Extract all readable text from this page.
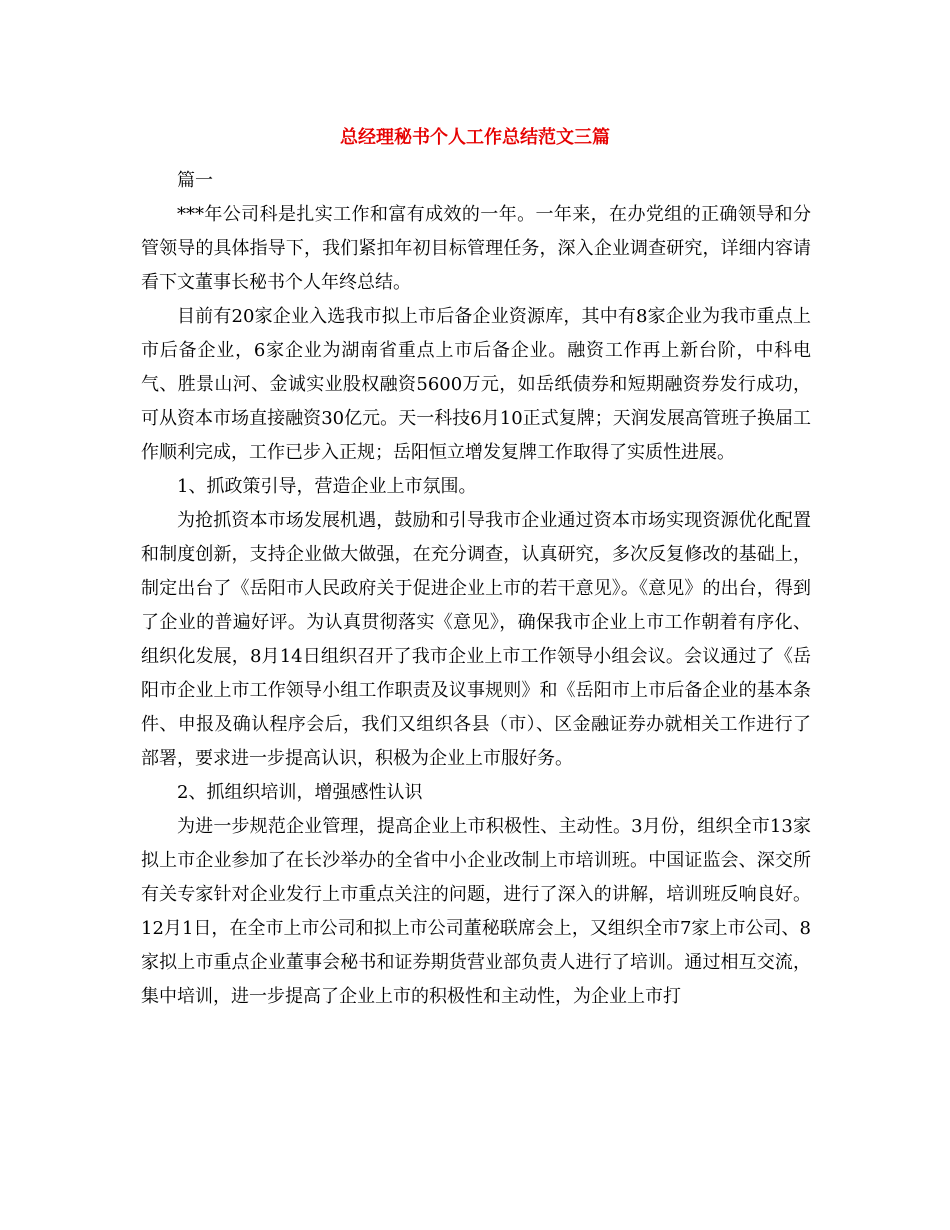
总经理秘书个人工作总结范文三篇

篇一

***年公司科是扎实工作和富有成效的一年。一年来，在办党组的正确领导和分管领导的具体指导下，我们紧扣年初目标管理任务，深入企业调查研究，详细内容请看下文董事长秘书个人年终总结。

目前有20家企业入选我市拟上市后备企业资源库，其中有8家企业为我市重点上市后备企业，6家企业为湖南省重点上市后备企业。融资工作再上新台阶，中科电气、胜景山河、金诚实业股权融资5600万元，如岳纸债券和短期融资券发行成功，可从资本市场直接融资30亿元。天一科技6月10正式复牌；天润发展高管班子换届工作顺利完成，工作已步入正规；岳阳恒立增发复牌工作取得了实质性进展。

1、抓政策引导，营造企业上市氛围。

为抢抓资本市场发展机遇，鼓励和引导我市企业通过资本市场实现资源优化配置和制度创新，支持企业做大做强，在充分调查，认真研究，多次反复修改的基础上，制定出台了《岳阳市人民政府关于促进企业上市的若干意见》。《意见》的出台，得到了企业的普遍好评。为认真贯彻落实《意见》，确保我市企业上市工作朝着有序化、组织化发展，8月14日组织召开了我市企业上市工作领导小组会议。会议通过了《岳阳市企业上市工作领导小组工作职责及议事规则》和《岳阳市上市后备企业的基本条件、申报及确认程序会后，我们又组织各县（市）、区金融证券办就相关工作进行了部署，要求进一步提高认识，积极为企业上市服好务。

2、抓组织培训，增强感性认识

为进一步规范企业管理，提高企业上市积极性、主动性。3月份，组织全市13家拟上市企业参加了在长沙举办的全省中小企业改制上市培训班。中国证监会、深交所有关专家针对企业发行上市重点关注的问题，进行了深入的讲解，培训班反响良好。12月1日，在全市上市公司和拟上市公司董秘联席会上，又组织全市7家上市公司、8家拟上市重点企业董事会秘书和证券期货营业部负责人进行了培训。通过相互交流，集中培训，进一步提高了企业上市的积极性和主动性，为企业上市打
